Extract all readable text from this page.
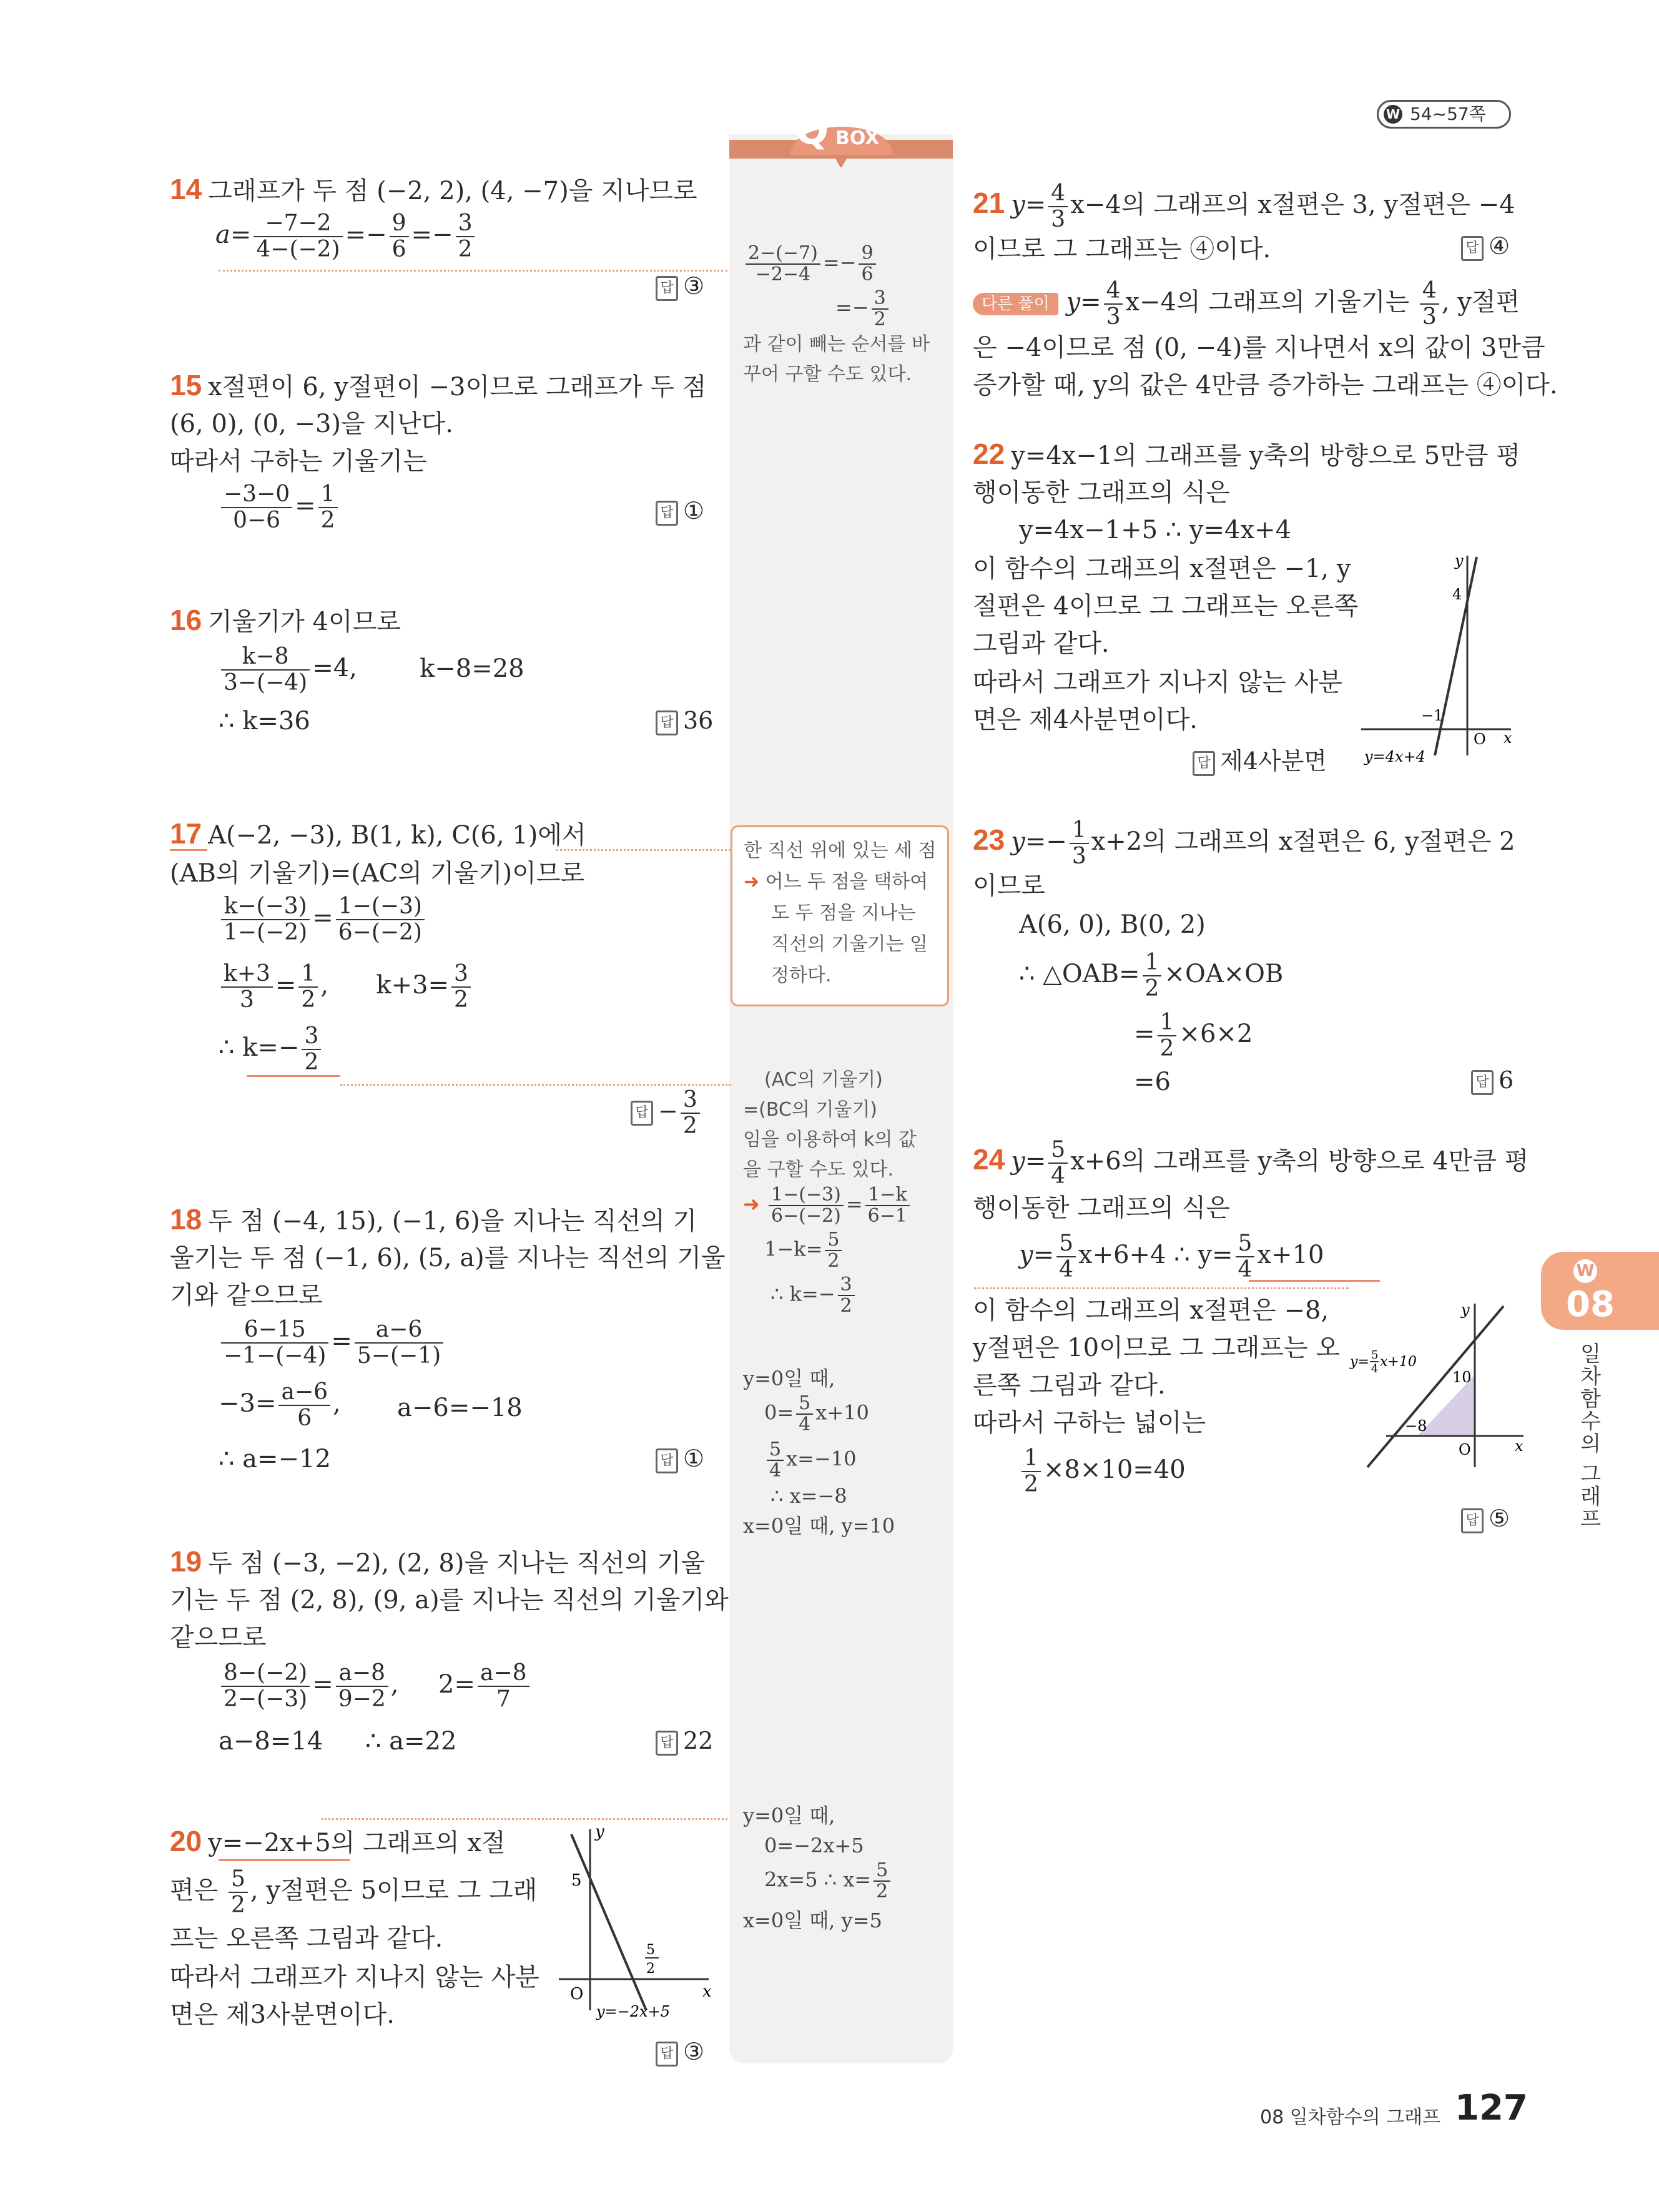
W 54~57쪽
Q BOX
14 그래프가 두 점 (−2, 2), (4, −7)을 지나므로
$a= \frac{-7-2}{4-(-2)} =- \frac{9}{6} =- \frac{3}{2}$
답 ③
15 x절편이 6, y절편이 −3이므로 그래프가 두 점
(6, 0), (0, −3)을 지난다.
따라서 구하는 기울기는
$\frac{-3-0}{0-6} = \frac{1}{2}$	답 ①
16 기울기가 4이므로
$\frac{k-8}{3-(-4)} =4$,	k−8=28
∴ k=36	답 36
17 A(−2, −3), B(1, k), C(6, 1)에서
(AB의 기울기)=(AC의 기울기)이므로
$\frac{k-(-3)}{1-(-2)} = \frac{1-(-3)}{6-(-2)}$
$\frac{k+3}{3} = \frac{1}{2}$ ,      $k+3= \frac{3}{2}$
∴ $k=- \frac{3}{2}$
답 − $\frac{3}{2}$
18 두 점 (−4, 15), (−1, 6)을 지나는 직선의 기
울기는 두 점 (−1, 6), (5, a)를 지나는 직선의 기울
기와 같으므로
$\frac{6-15}{-1-(-4)} = \frac{a-6}{5-(-1)}$
$-3= \frac{a-6}{6}$ , a−6=−18
∴ a=−12	답 ①
19 두 점 (−3, −2), (2, 8)을 지나는 직선의 기울
기는 두 점 (2, 8), (9, a)를 지나는 직선의 기울기와
같으므로
$\frac{8-(-2)}{2-(-3)} = \frac{a-8}{9-2}$ ,     $2= \frac{a-8}{7}$
a−8=14 ∴ a=22	답 22
20 y=−2x+5의 그래프의 x절
편은 $\frac{5}{2}$ , y절편은 5이므로 그 그래
프는 오른쪽 그림과 같다.
따라서 그래프가 지나지 않는 사분
면은 제3사분면이다.
y
x
O
5
5
2
y=−2x+5
답 ③
$\frac{2-(-7)}{-2-4} =- \frac{9}{6}$
=− $\frac{3}{2}$
과 같이 빼는 순서를 바
꾸어 구할 수도 있다.
한 직선 위에 있는 세 점
➜ 어느 두 점을 택하여
도 두 점을 지나는
직선의 기울기는 일
정하다.
(AC의 기울기)
=(BC의 기울기)
임을 이용하여 k의 값
을 구할 수도 있다.
➜ $\frac{1-(-3)}{6-(-2)} = \frac{1-k}{6-1}$
$1-k= \frac{5}{2}$
∴ $k=- \frac{3}{2}$
y=0일 때,
$0= \frac{5}{4} x+10$
$\frac{5}{4} x=-10$
∴ x=−8
x=0일 때, y=10
y=0일 때,
0=−2x+5
2x=5 ∴ $x= \frac{5}{2}$
x=0일 때, y=5
21 $y= \frac{4}{3} x-4$의 그래프의 x절편은 3, y절편은 −4
이므로 그 그래프는 ④이다.	답 ④
다른 풀이 $y= \frac{4}{3} x-4$의 그래프의 기울기는 $\frac{4}{3}$ , y절편
은 −4이므로 점 (0, −4)를 지나면서 x의 값이 3만큼
증가할 때, y의 값은 4만큼 증가하는 그래프는 ④이다.
22 y=4x−1의 그래프를 y축의 방향으로 5만큼 평
행이동한 그래프의 식은
y=4x−1+5 ∴ y=4x+4
이 함수의 그래프의 x절편은 −1, y
절편은 4이므로 그 그래프는 오른쪽
그림과 같다.
따라서 그래프가 지나지 않는 사분
면은 제4사분면이다.
답 제4사분면
y
x
O
4
−1
y=4x+4
23 $y=- \frac{1}{3} x+2$의 그래프의 x절편은 6, y절편은 2
이므로
A(6, 0), B(0, 2)
∴ △OAB= $\frac{1}{2} \times OA\times OB$
= $\frac{1}{2} \times 6\times 2$
=6	답 6
24 $y= \frac{5}{4} x+6$의 그래프를 y축의 방향으로 4만큼 평
행이동한 그래프의 식은
$y= \frac{5}{4} x+6+4$ ∴ $y= \frac{5}{4} x+10$
이 함수의 그래프의 x절편은 −8,
y절편은 10이므로 그 그래프는 오
른쪽 그림과 같다.
따라서 구하는 넓이는
$\frac{1}{2} \times 8\times 10=40$
y
x
O
10
−8
y= 5
4 x+10
답 ⑤
W
08
일차함수의 그래프
08 일차함수의 그래프 127
